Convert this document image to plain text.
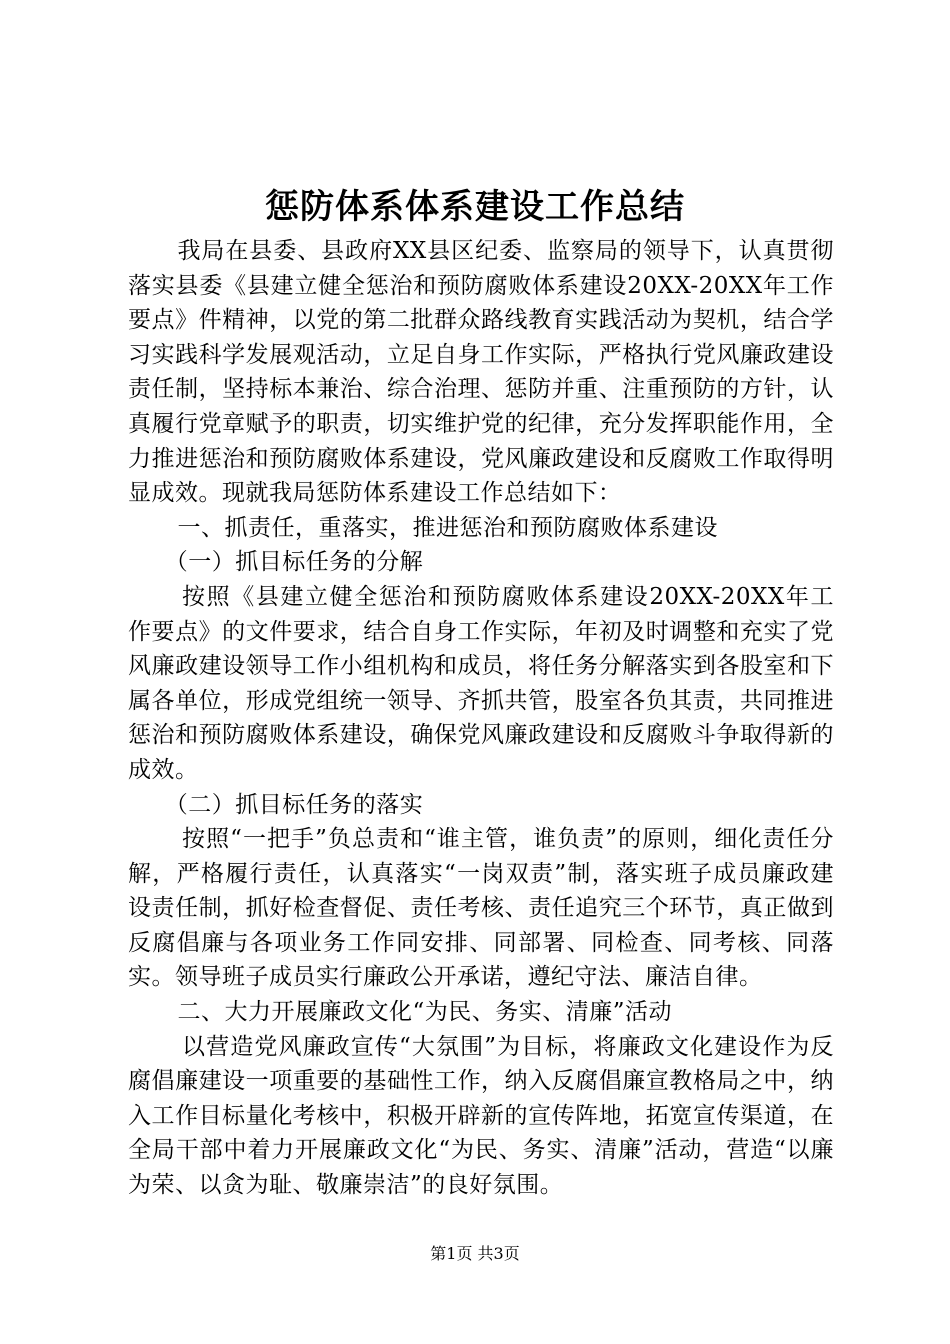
惩防体系体系建设工作总结

我局在县委、县政府XX县区纪委、监察局的领导下，认真贯彻落实县委《县建立健全惩治和预防腐败体系建设20XX-20XX年工作要点》件精神，以党的第二批群众路线教育实践活动为契机，结合学习实践科学发展观活动，立足自身工作实际，严格执行党风廉政建设责任制，坚持标本兼治、综合治理、惩防并重、注重预防的方针，认真履行党章赋予的职责，切实维护党的纪律，充分发挥职能作用，全力推进惩治和预防腐败体系建设，党风廉政建设和反腐败工作取得明显成效。现就我局惩防体系建设工作总结如下：

一、抓责任，重落实，推进惩治和预防腐败体系建设

（一）抓目标任务的分解

按照《县建立健全惩治和预防腐败体系建设20XX-20XX年工作要点》的文件要求，结合自身工作实际，年初及时调整和充实了党风廉政建设领导工作小组机构和成员，将任务分解落实到各股室和下属各单位，形成党组统一领导、齐抓共管，股室各负其责，共同推进惩治和预防腐败体系建设，确保党风廉政建设和反腐败斗争取得新的成效。

（二）抓目标任务的落实

按照“一把手”负总责和“谁主管，谁负责”的原则，细化责任分解，严格履行责任，认真落实“一岗双责”制，落实班子成员廉政建设责任制，抓好检查督促、责任考核、责任追究三个环节，真正做到反腐倡廉与各项业务工作同安排、同部署、同检查、同考核、同落实。领导班子成员实行廉政公开承诺，遵纪守法、廉洁自律。

二、大力开展廉政文化“为民、务实、清廉”活动

以营造党风廉政宣传“大氛围”为目标，将廉政文化建设作为反腐倡廉建设一项重要的基础性工作，纳入反腐倡廉宣教格局之中，纳入工作目标量化考核中，积极开辟新的宣传阵地，拓宽宣传渠道，在全局干部中着力开展廉政文化“为民、务实、清廉”活动，营造“以廉为荣、以贪为耻、敬廉崇洁”的良好氛围。

第1页 共3页
